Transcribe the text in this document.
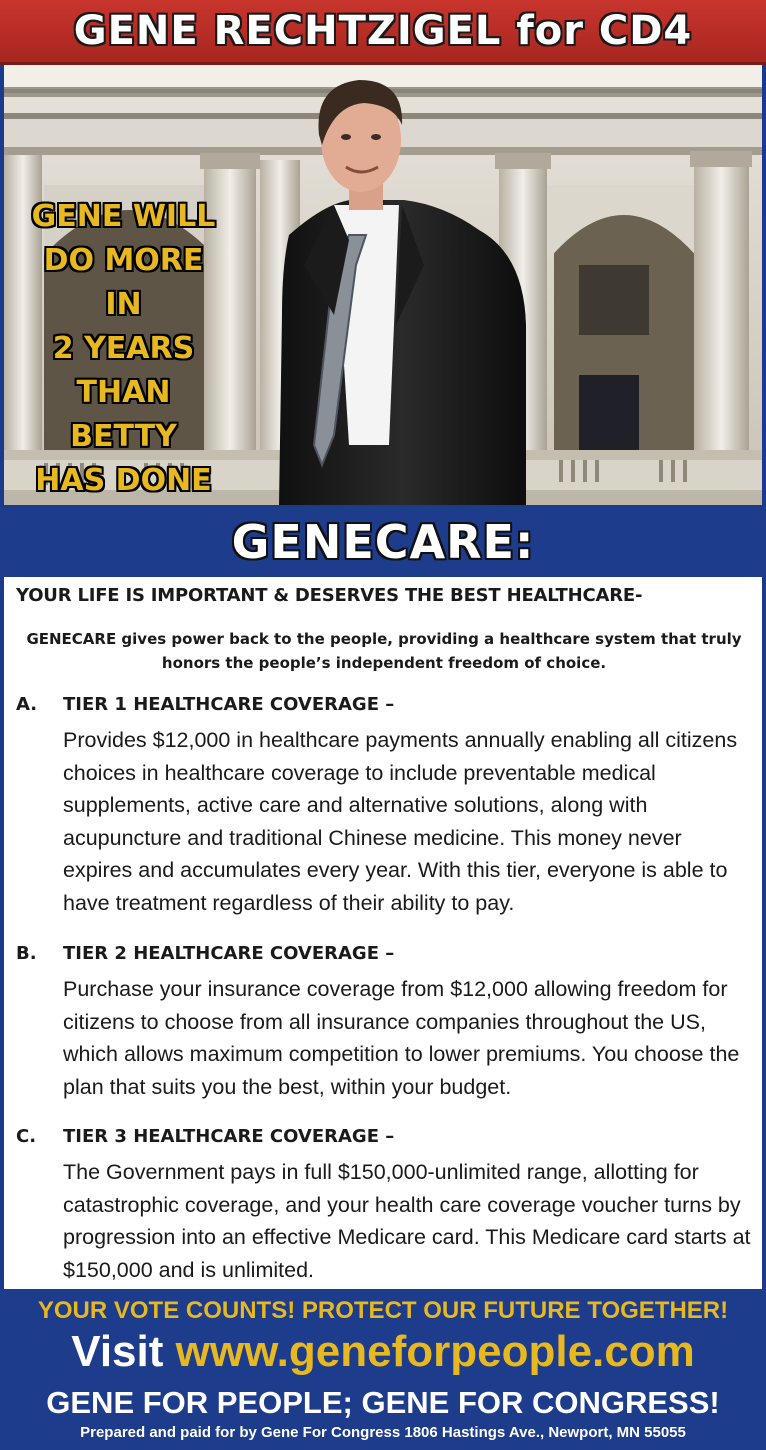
GENE RECHTZIGEL for CD4
GENE WILL
DO MORE IN
2 YEARS
THAN BETTY
HAS DONE

GENECARE:
YOUR LIFE IS IMPORTANT & DESERVES THE BEST HEALTHCARE-
GENECARE gives power back to the people, providing a healthcare system that truly honors the people’s independent freedom of choice.
A. TIER 1 HEALTHCARE COVERAGE –
Provides $12,000 in healthcare payments annually enabling all citizens choices in healthcare coverage to include preventable medical supplements, active care and alternative solutions, along with acupuncture and traditional Chinese medicine. This money never expires and accumulates every year. With this tier, everyone is able to have treatment regardless of their ability to pay.
B. TIER 2 HEALTHCARE COVERAGE –
Purchase your insurance coverage from $12,000 allowing freedom for citizens to choose from all insurance companies throughout the US, which allows maximum competition to lower premiums. You choose the plan that suits you the best, within your budget.
C. TIER 3 HEALTHCARE COVERAGE –
The Government pays in full $150,000-unlimited range, allotting for catastrophic coverage, and your health care coverage voucher turns by progression into an effective Medicare card. This Medicare card starts at $150,000 and is unlimited.
YOUR VOTE COUNTS! PROTECT OUR FUTURE TOGETHER!
Visit www.geneforpeople.com
GENE FOR PEOPLE; GENE FOR CONGRESS!
Prepared and paid for by Gene For Congress 1806 Hastings Ave., Newport, MN 55055
